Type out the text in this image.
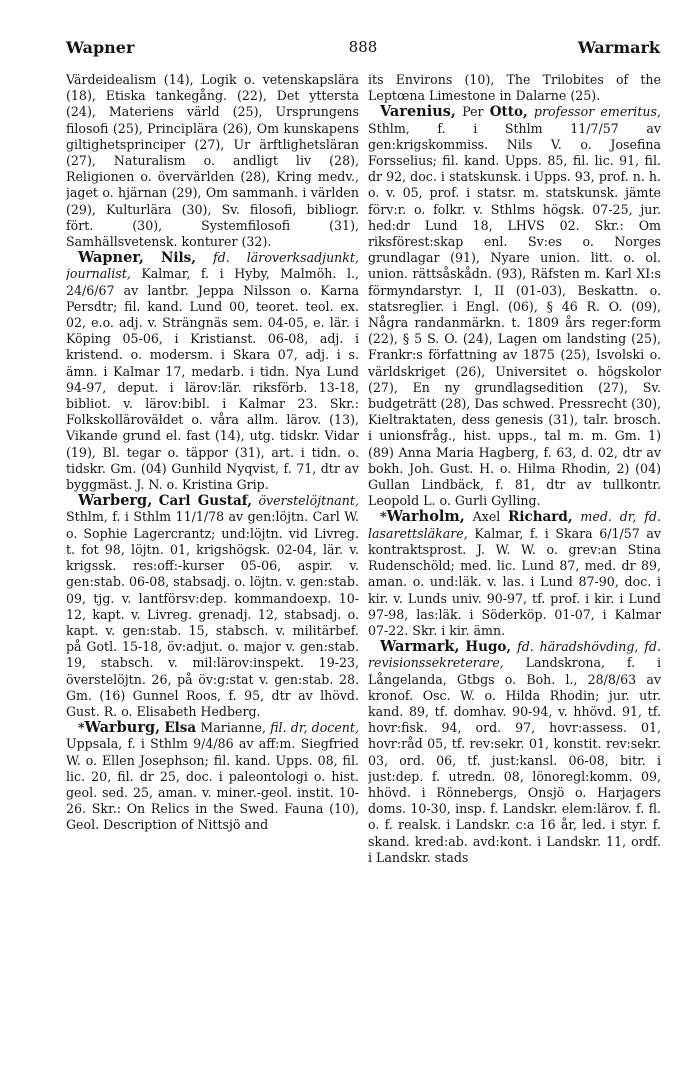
Wapner	888	Warmark

Värdeidealism (14), Logik o. vetenskapslära (18), Etiska tankegång. (22), Det yttersta (24), Materiens värld (25), Ursprungens filosofi (25), Principlära (26), Om kunskapens giltighetsprinciper (27), Ur ärftlighetsläran (27), Naturalism o. andligt liv (28), Religionen o. övervärlden (28), Kring medv., jaget o. hjärnan (29), Om sammanh. i världen (29), Kulturlära (30), Sv. filosofi, bibliogr. fört. (30), Systemfilosofi (31), Samhällsvetensk. konturer (32).

Wapner, Nils, fd. läroverksadjunkt, journalist, Kalmar, f. i Hyby, Malmöh. l., 24/6/67 av lantbr. Jeppa Nilsson o. Karna Persdtr; fil. kand. Lund 00, teoret. teol. ex. 02, e.o. adj. v. Strängnäs sem. 04-05, e. lär. i Köping 05-06, i Kristianst. 06-08, adj. i kristend. o. modersm. i Skara 07, adj. i s. ämn. i Kalmar 17, medarb. i tidn. Nya Lund 94-97, deput. i lärov:lär. riksförb. 13-18, bibliot. v. lärov:bibl. i Kalmar 23. Skr.: Folkskolläroväldet o. våra allm. lärov. (13), Vikande grund el. fast (14), utg. tidskr. Vidar (19), Bl. tegar o. täppor (31), art. i tidn. o. tidskr. Gm. (04) Gunhild Nyqvist, f. 71, dtr av byggmäst. J. N. o. Kristina Grip.

Warberg, Carl Gustaf, överstelöjtnant, Sthlm, f. i Sthlm 11/1/78 av gen:löjtn. Carl W. o. Sophie Lagercrantz; und:löjtn. vid Livreg. t. fot 98, löjtn. 01, krigshögsk. 02-04, lär. v. krigssk. res:off:-kurser 05-06, aspir. v. gen:stab. 06-08, stabsadj. o. löjtn. v. gen:stab. 09, tjg. v. lantförsv:dep. kommandoexp. 10-12, kapt. v. Livreg. grenadj. 12, stabsadj. o. kapt. v. gen:stab. 15, stabsch. v. militärbef. på Gotl. 15-18, öv:adjut. o. major v. gen:stab. 19, stabsch. v. mil:lärov:inspekt. 19-23, överstelöjtn. 26, på öv:g:stat v. gen:stab. 28. Gm. (16) Gunnel Roos, f. 95, dtr av lhövd. Gust. R. o. Elisabeth Hedberg.

*Warburg, Elsa Marianne, fil. dr, docent, Uppsala, f. i Sthlm 9/4/86 av aff:m. Siegfried W. o. Ellen Josephson; fil. kand. Upps. 08, fil. lic. 20, fil. dr 25, doc. i paleontologi o. hist. geol. sed. 25, aman. v. miner.-geol. instit. 10-26. Skr.: On Relics in the Swed. Fauna (10), Geol. Description of Nittsjö and

its Environs (10), The Trilobites of the Leptœna Limestone in Dalarne (25).

Varenius, Per Otto, professor emeritus, Sthlm, f. i Sthlm 11/7/57 av gen:krigskommiss. Nils V. o. Josefina Forsselius; fil. kand. Upps. 85, fil. lic. 91, fil. dr 92, doc. i statskunsk. i Upps. 93, prof. n. h. o. v. 05, prof. i statsr. m. statskunsk. jämte förv:r. o. folkr. v. Sthlms högsk. 07-25, jur. hed:dr Lund 18, LHVS 02. Skr.: Om riksförest:skap enl. Sv:es o. Norges grundlagar (91), Nyare union. litt. o. ol. union. rättsåskådn. (93), Räfsten m. Karl XI:s förmyndarstyr. I, II (01-03), Beskattn. o. statsreglier. i Engl. (06), § 46 R. O. (09), Några randanmärkn. t. 1809 års reger:form (22), § 5 S. O. (24), Lagen om landsting (25), Frankr:s författning av 1875 (25), Isvolski o. världskriget (26), Universitet o. högskolor (27), En ny grundlagsedition (27), Sv. budgeträtt (28), Das schwed. Pressrecht (30), Kieltraktaten, dess genesis (31), talr. brosch. i unionsfråg., hist. upps., tal m. m. Gm. 1) (89) Anna Maria Hagberg, f. 63, d. 02, dtr av bokh. Joh. Gust. H. o. Hilma Rhodin, 2) (04) Gullan Lindbäck, f. 81, dtr av tullkontr. Leopold L. o. Gurli Gylling.

*Warholm, Axel Richard, med. dr, fd. lasarettsläkare, Kalmar, f. i Skara 6/1/57 av kontraktsprost. J. W. W. o. grev:an Stina Rudenschöld; med. lic. Lund 87, med. dr 89, aman. o. und:läk. v. las. i Lund 87-90, doc. i kir. v. Lunds univ. 90-97, tf. prof. i kir. i Lund 97-98, las:läk. i Söderköp. 01-07, i Kalmar 07-22. Skr. i kir. ämn.

Warmark, Hugo, fd. häradshövding, fd. revisionssekreterare, Landskrona, f. i Långelanda, Gtbgs o. Boh. l., 28/8/63 av kronof. Osc. W. o. Hilda Rhodin; jur. utr. kand. 89, tf. domhav. 90-94, v. hhövd. 91, tf. hovr:fisk. 94, ord. 97, hovr:assess. 01, hovr:råd 05, tf. rev:sekr. 01, konstit. rev:sekr. 03, ord. 06, tf. just:kansl. 06-08, bitr. i just:dep. f. utredn. 08, lönoregl:komm. 09, hhövd. i Rönnebergs, Onsjö o. Harjagers doms. 10-30, insp. f. Landskr. elem:lärov. f. fl. o. f. realsk. i Landskr. c:a 16 år, led. i styr. f. skand. kred:ab. avd:kont. i Landskr. 11, ordf. i Landskr. stads
